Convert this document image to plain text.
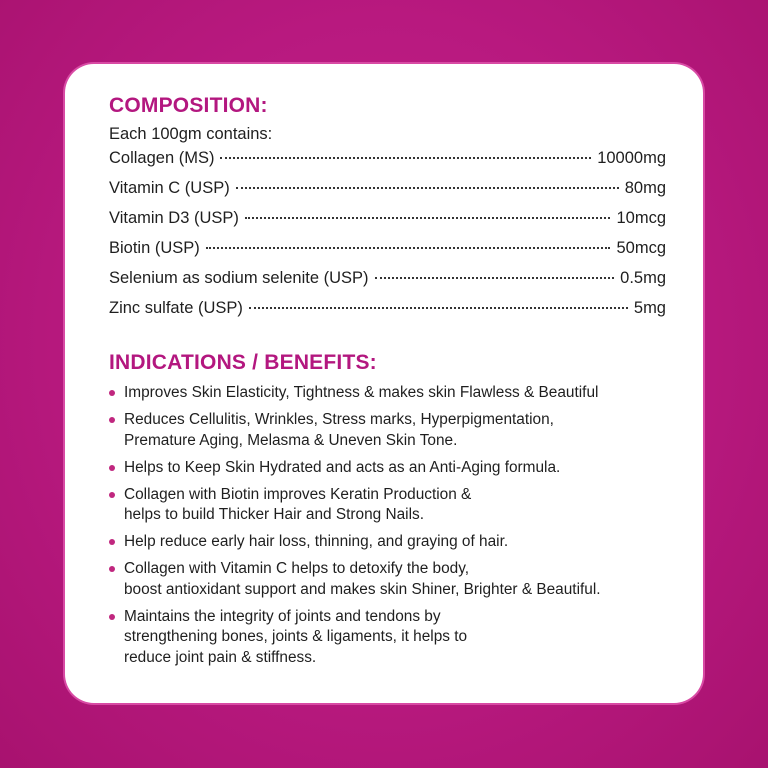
COMPOSITION:
Each 100gm contains:
Collagen (MS)	10000mg
Vitamin C (USP)	80mg
Vitamin D3 (USP)	10mcg
Biotin (USP)	50mcg
Selenium as sodium selenite (USP)	0.5mg
Zinc sulfate (USP)	5mg
INDICATIONS / BENEFITS:
Improves Skin Elasticity, Tightness & makes skin Flawless & Beautiful
Reduces Cellulitis, Wrinkles, Stress marks, Hyperpigmentation,
Premature Aging, Melasma & Uneven Skin Tone.
Helps to Keep Skin Hydrated and acts as an Anti-Aging formula.
Collagen with Biotin improves Keratin Production &
helps to build Thicker Hair and Strong Nails.
Help reduce early hair loss, thinning, and graying of hair.
Collagen with Vitamin C helps to detoxify the body,
boost antioxidant support and makes skin Shiner, Brighter & Beautiful.
Maintains the integrity of joints and tendons by
strengthening bones, joints & ligaments, it helps to
reduce joint pain & stiffness.
